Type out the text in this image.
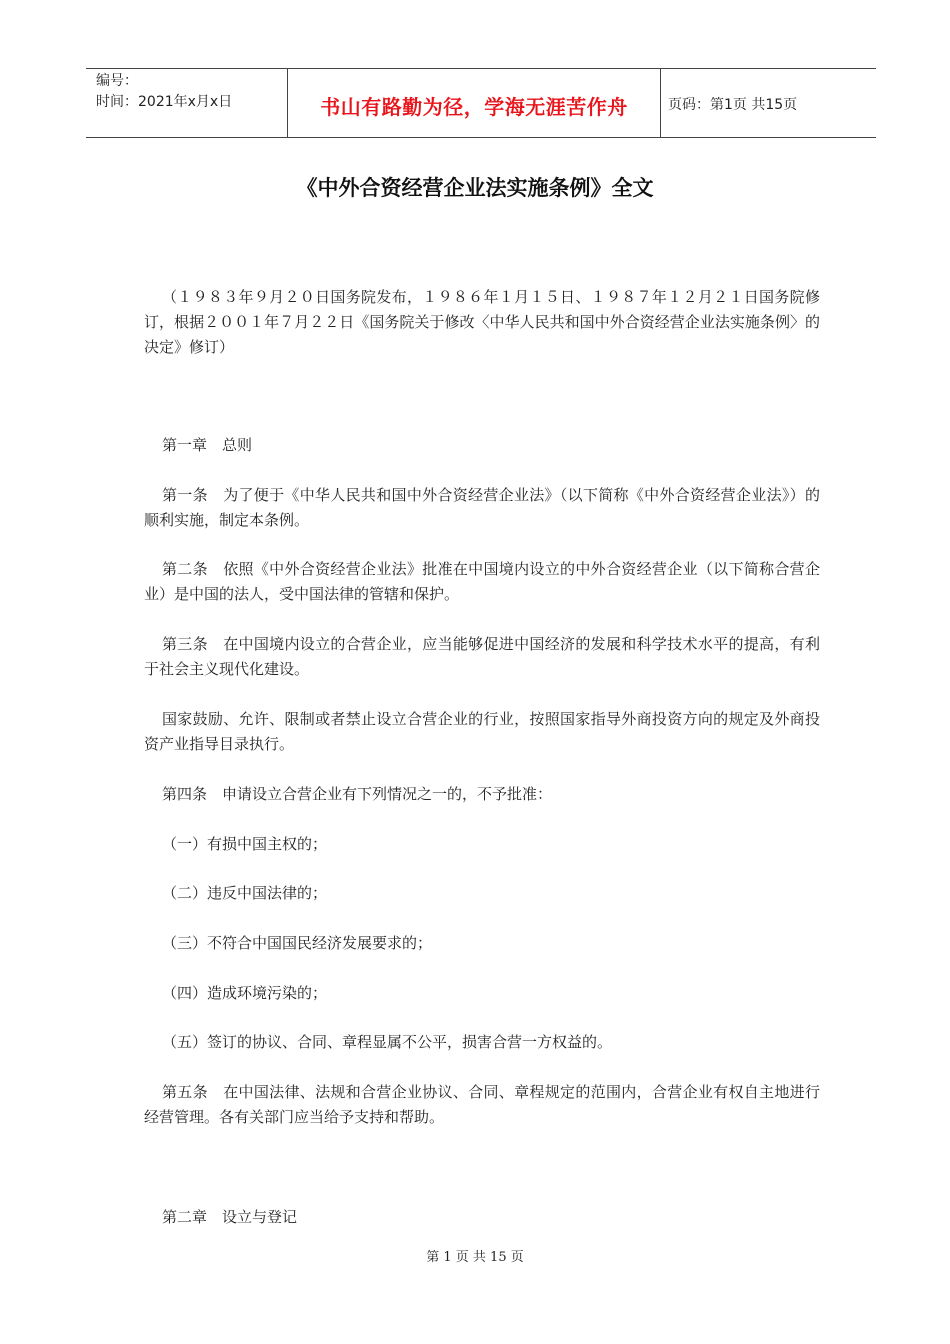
编号：
时间：2021年x月x日	书山有路勤为径，学海无涯苦作舟	页码：第1页 共15页
《中外合资经营企业法实施条例》全文
（１９８３年９月２０日国务院发布，１９８６年１月１５日、１９８７年１２月２１日国务院修订，根据２００１年７月２２日《国务院关于修改〈中华人民共和国中外合资经营企业法实施条例〉的决定》修订）
第一章　总则
第一条　为了便于《中华人民共和国中外合资经营企业法》（以下简称《中外合资经营企业法》）的顺利实施，制定本条例。
第二条　依照《中外合资经营企业法》批准在中国境内设立的中外合资经营企业（以下简称合营企业）是中国的法人，受中国法律的管辖和保护。
第三条　在中国境内设立的合营企业，应当能够促进中国经济的发展和科学技术水平的提高，有利于社会主义现代化建设。
国家鼓励、允许、限制或者禁止设立合营企业的行业，按照国家指导外商投资方向的规定及外商投资产业指导目录执行。
第四条　申请设立合营企业有下列情况之一的，不予批准：
（一）有损中国主权的；
（二）违反中国法律的；
（三）不符合中国国民经济发展要求的；
（四）造成环境污染的；
（五）签订的协议、合同、章程显属不公平，损害合营一方权益的。
第五条　在中国法律、法规和合营企业协议、合同、章程规定的范围内，合营企业有权自主地进行经营管理。各有关部门应当给予支持和帮助。
第二章　设立与登记
第 1 页 共 15 页
